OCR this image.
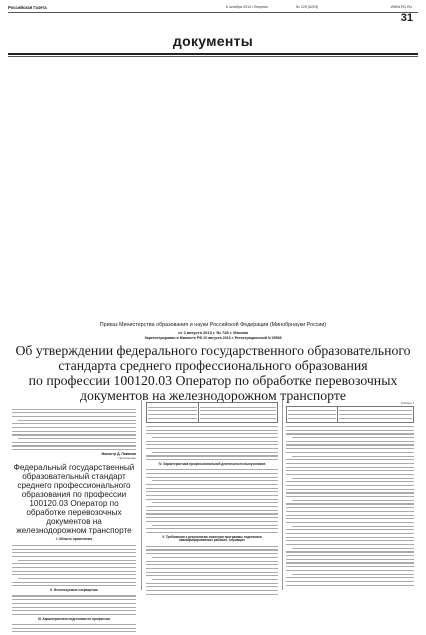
Российская Газета	6 октября 2013 • Вторник	№ 225 (6203)	WWW.RG.RU
31
документы
Приказ Министерства образования и науки Российской Федерации (Минобрнауки России)
от 2 августа 2013 г. № 728 г. Москва
Зарегистрирован в Минюсте РФ 20 августа 2013 г. Регистрационный N 29598
Об утверждении федерального государственного образовательного
стандарта среднего профессионального образования
по профессии 100120.03 Оператор по обработке перевозочных
документов на железнодорожном транспорте
Министр Д. Ливанов
Приложение
Федеральный государственный образовательный стандарт среднего профессионального образования по профессии 100120.03 Оператор по обработке перевозочных документов на железнодорожном транспорте
I. Область применения
II. Используемые сокращения
III. Характеристика подготовки по профессии

IV. Характеристика профессиональной деятельности выпускников
V. Требования к результатам освоения программы подготовки квалифицированных рабочих, служащих
Таблица 1
